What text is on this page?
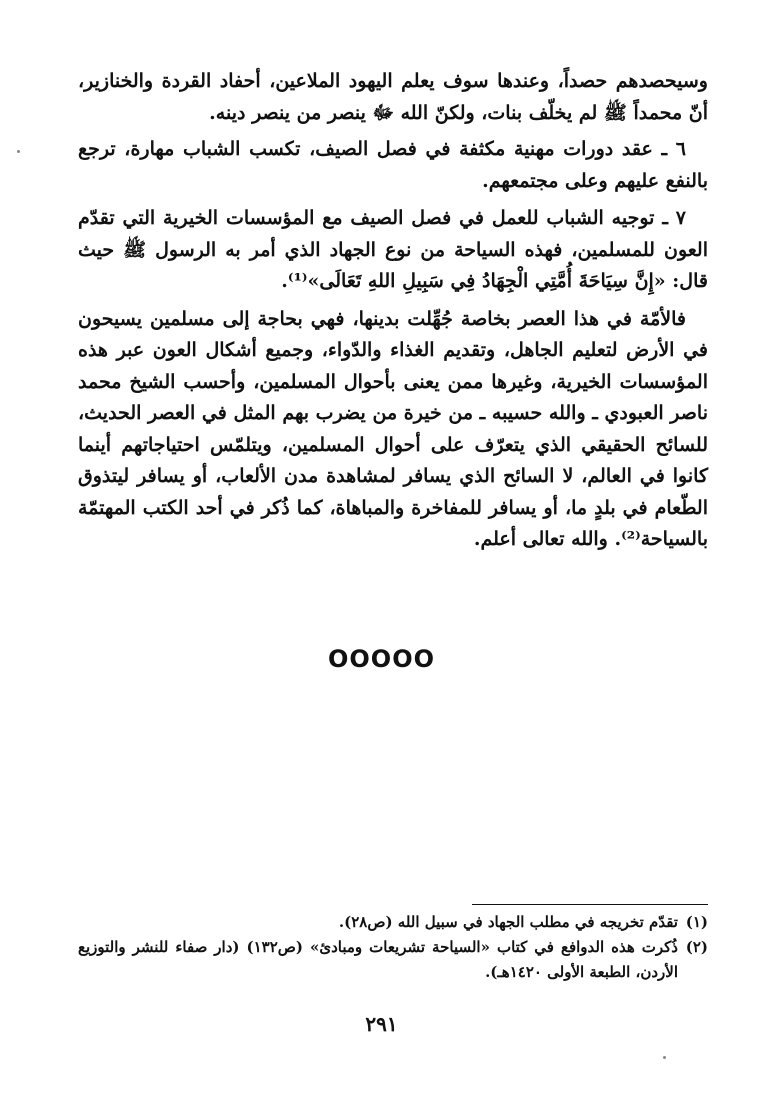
وسيحصدهم حصداً، وعندها سوف يعلم اليهود الملاعين، أحفاد القردة والخنازير، أنّ محمداً ﷺ لم يخلّف بنات، ولكنّ الله ﷻ ينصر من ينصر دينه.

٦ ـ عقد دورات مهنية مكثفة في فصل الصيف، تكسب الشباب مهارة، ترجع بالنفع عليهم وعلى مجتمعهم.

٧ ـ توجيه الشباب للعمل في فصل الصيف مع المؤسسات الخيرية التي تقدّم العون للمسلمين، فهذه السياحة من نوع الجهاد الذي أمر به الرسول ﷺ حيث قال: «إِنَّ سِيَاحَةَ أُمَّتِي الْجِهَادُ فِي سَبِيلِ اللهِ تَعَالَى»⁽¹⁾.

فالأمّة في هذا العصر بخاصة جُهِّلت بدينها، فهي بحاجة إلى مسلمين يسيحون في الأرض لتعليم الجاهل، وتقديم الغذاء والدّواء، وجميع أشكال العون عبر هذه المؤسسات الخيرية، وغيرها ممن يعنى بأحوال المسلمين، وأحسب الشيخ محمد ناصر العبودي ـ والله حسيبه ـ من خيرة من يضرب بهم المثل في العصر الحديث، للسائح الحقيقي الذي يتعرّف على أحوال المسلمين، ويتلمّس احتياجاتهم أينما كانوا في العالم، لا السائح الذي يسافر لمشاهدة مدن الألعاب، أو يسافر ليتذوق الطّعام في بلدٍ ما، أو يسافر للمفاخرة والمباهاة، كما ذُكر في أحد الكتب المهتمّة بالسياحة⁽²⁾. والله تعالى أعلم.

OOOOO

(١)
تقدّم تخريجه في مطلب الجهاد في سبيل الله (ص٢٨).

(٢)
ذُكرت هذه الدوافع في كتاب «السياحة تشريعات ومبادئ» (ص١٣٢) (دار صفاء للنشر والتوزيع الأردن، الطبعة الأولى ١٤٢٠هـ).

٢٩١
